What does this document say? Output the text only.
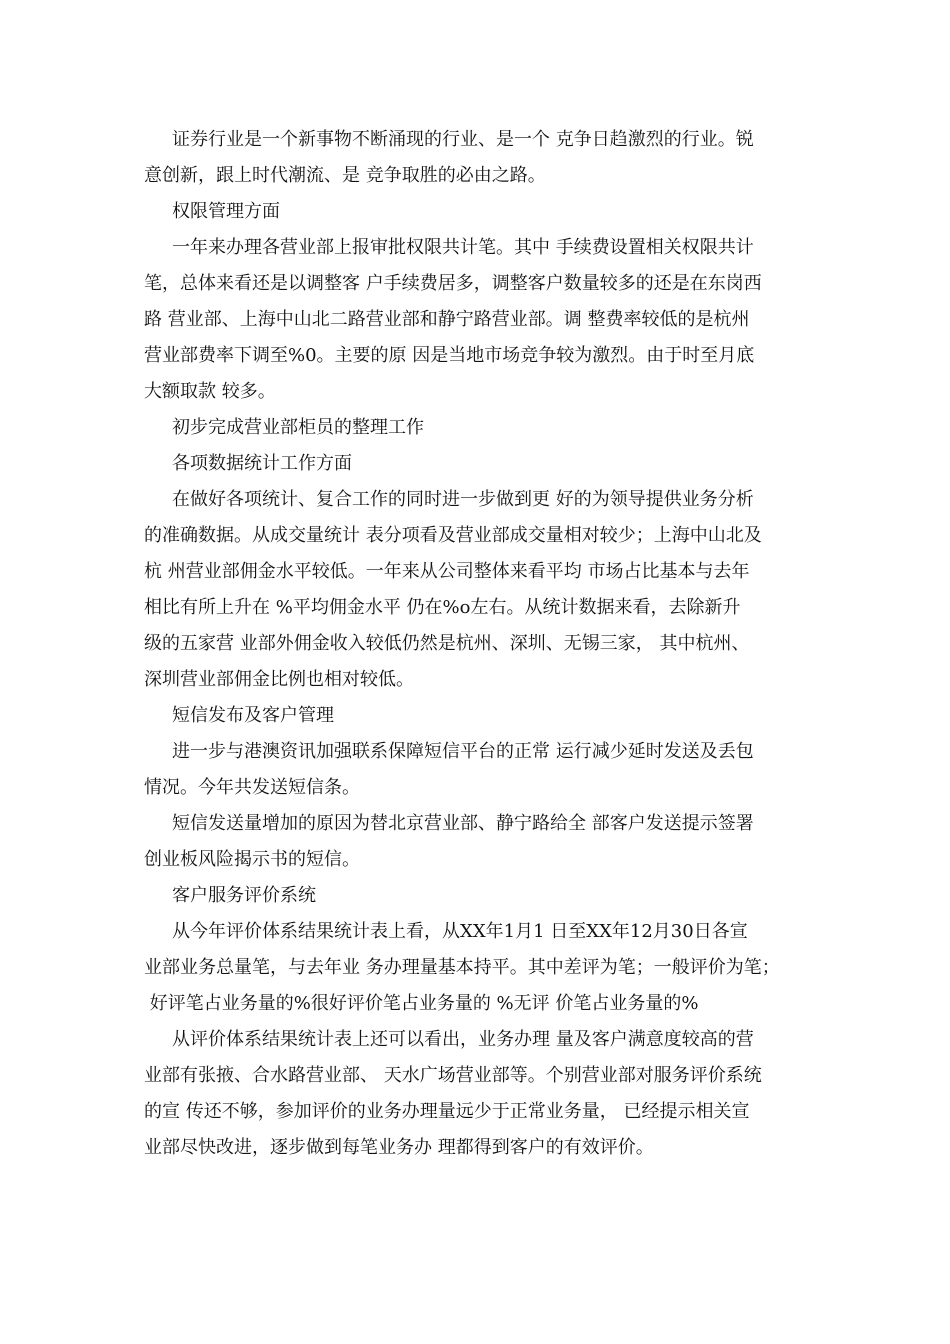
证券行业是一个新事物不断涌现的行业、是一个 克争日趋激烈的行业。锐
意创新，跟上时代潮流、是 竞争取胜的必由之路。
权限管理方面
一年来办理各营业部上报审批权限共计笔。其中 手续费设置相关权限共计
笔，总体来看还是以调整客 户手续费居多，调整客户数量较多的还是在东岗西
路 营业部、上海中山北二路营业部和静宁路营业部。调 整费率较低的是杭州
营业部费率下调至%0。主要的原 因是当地市场竞争较为激烈。由于时至月底
大额取款 较多。
初步完成营业部柜员的整理工作
各项数据统计工作方面
在做好各项统计、复合工作的同时进一步做到更 好的为领导提供业务分析
的准确数据。从成交量统计 表分项看及营业部成交量相对较少；上海中山北及
杭 州营业部佣金水平较低。一年来从公司整体来看平均 市场占比基本与去年
相比有所上升在 %平均佣金水平 仍在%o左右。从统计数据来看，去除新升
级的五家营 业部外佣金收入较低仍然是杭州、深圳、无锡三家， 其中杭州、
深圳营业部佣金比例也相对较低。
短信发布及客户管理
进一步与港澳资讯加强联系保障短信平台的正常 运行减少延时发送及丢包
情况。今年共发送短信条。
短信发送量增加的原因为替北京营业部、静宁路给全 部客户发送提示签署
创业板风险揭示书的短信。
客户服务评价系统
从今年评价体系结果统计表上看，从XX年1月1 日至XX年12月30日各宣
业部业务总量笔，与去年业 务办理量基本持平。其中差评为笔；一般评价为笔；
好评笔占业务量的%很好评价笔占业务量的 %无评 价笔占业务量的%
从评价体系结果统计表上还可以看出，业务办理 量及客户满意度较高的营
业部有张掖、合水路营业部、 天水广场营业部等。个别营业部对服务评价系统
的宣 传还不够，参加评价的业务办理量远少于正常业务量， 已经提示相关宣
业部尽快改进，逐步做到每笔业务办 理都得到客户的有效评价。
